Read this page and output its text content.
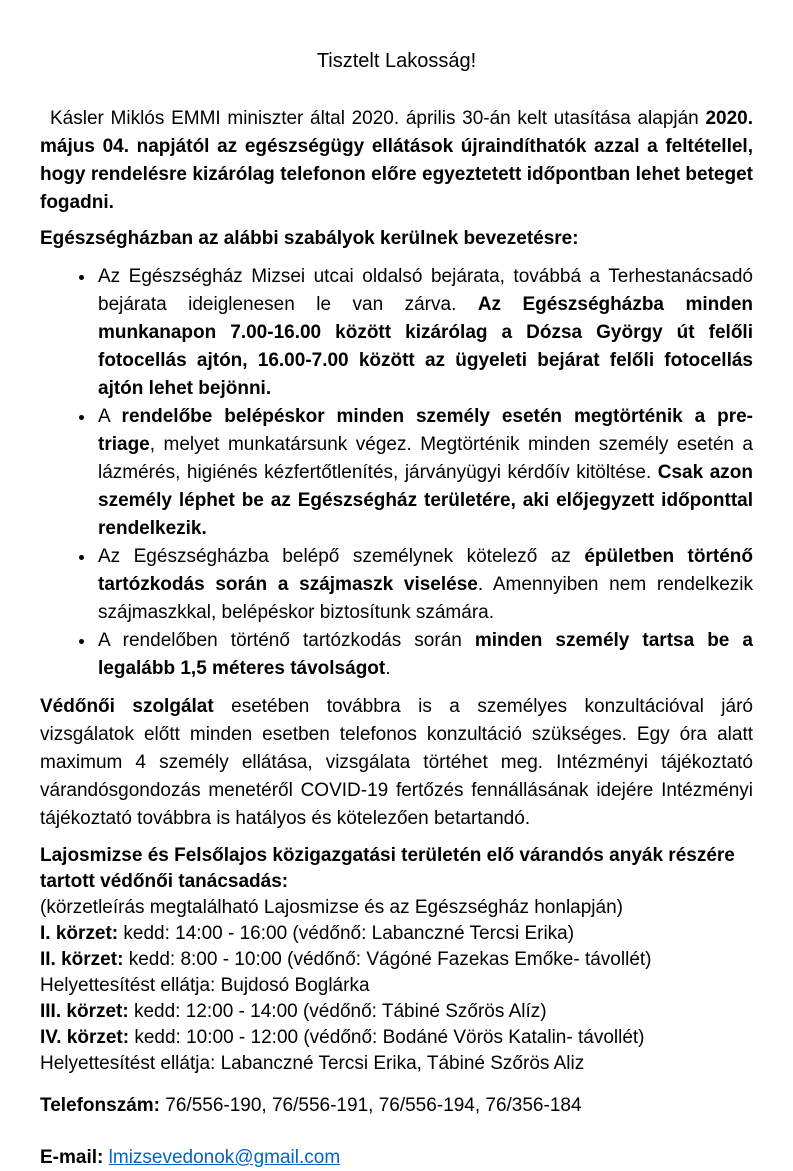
Tisztelt Lakosság!

Kásler Miklós EMMI miniszter által 2020. április 30-án kelt utasítása alapján 2020. május 04. napjától az egészségügy ellátások újraindíthatók azzal a feltétellel, hogy rendelésre kizárólag telefonon előre egyeztetett időpontban lehet beteget fogadni.

Egészségházban az alábbi szabályok kerülnek bevezetésre:
• Az Egészségház Mizsei utcai oldalsó bejárata, továbbá a Terhestanácsadó bejárata ideiglenesen le van zárva. Az Egészségházba minden munkanapon 7.00-16.00 között kizárólag a Dózsa György út felőli fotocellás ajtón, 16.00-7.00 között az ügyeleti bejárat felőli fotocellás ajtón lehet bejönni.
• A rendelőbe belépéskor minden személy esetén megtörténik a pre-triage, melyet munkatársunk végez. Megtörténik minden személy esetén a lázmérés, higiénés kézfertőtlenítés, járványügyi kérdőív kitöltése. Csak azon személy léphet be az Egészségház területére, aki előjegyzett időponttal rendelkezik.
• Az Egészségházba belépő személynek kötelező az épületben történő tartózkodás során a szájmaszk viselése. Amennyiben nem rendelkezik szájmaszkkal, belépéskor biztosítunk számára.
• A rendelőben történő tartózkodás során minden személy tartsa be a legalább 1,5 méteres távolságot.

Védőnői szolgálat esetében továbbra is a személyes konzultációval járó vizsgálatok előtt minden esetben telefonos konzultáció szükséges. Egy óra alatt maximum 4 személy ellátása, vizsgálata törtéhet meg. Intézményi tájékoztató várandósgondozás menetéről COVID-19 fertőzés fennállásának idejére Intézményi tájékoztató továbbra is hatályos és kötelezően betartandó.

Lajosmizse és Felsőlajos közigazgatási területén elő várandós anyák részére tartott védőnői tanácsadás:
(körzetleírás megtalálható Lajosmizse és az Egészségház honlapján)
I. körzet: kedd: 14:00 - 16:00 (védőnő: Labanczné Tercsi Erika)
II. körzet: kedd: 8:00 - 10:00 (védőnő: Vágóné Fazekas Emőke- távollét)
Helyettesítést ellátja: Bujdosó Boglárka
III. körzet: kedd: 12:00 - 14:00 (védőnő: Tábiné Szőrös Alíz)
IV. körzet: kedd: 10:00 - 12:00 (védőnő: Bodáné Vörös Katalin- távollét)
Helyettesítést ellátja: Labanczné Tercsi Erika, Tábiné Szőrös Aliz
Telefonszám: 76/556-190, 76/556-191, 76/556-194, 76/356-184
E-mail: lmizsevedonok@gmail.com
